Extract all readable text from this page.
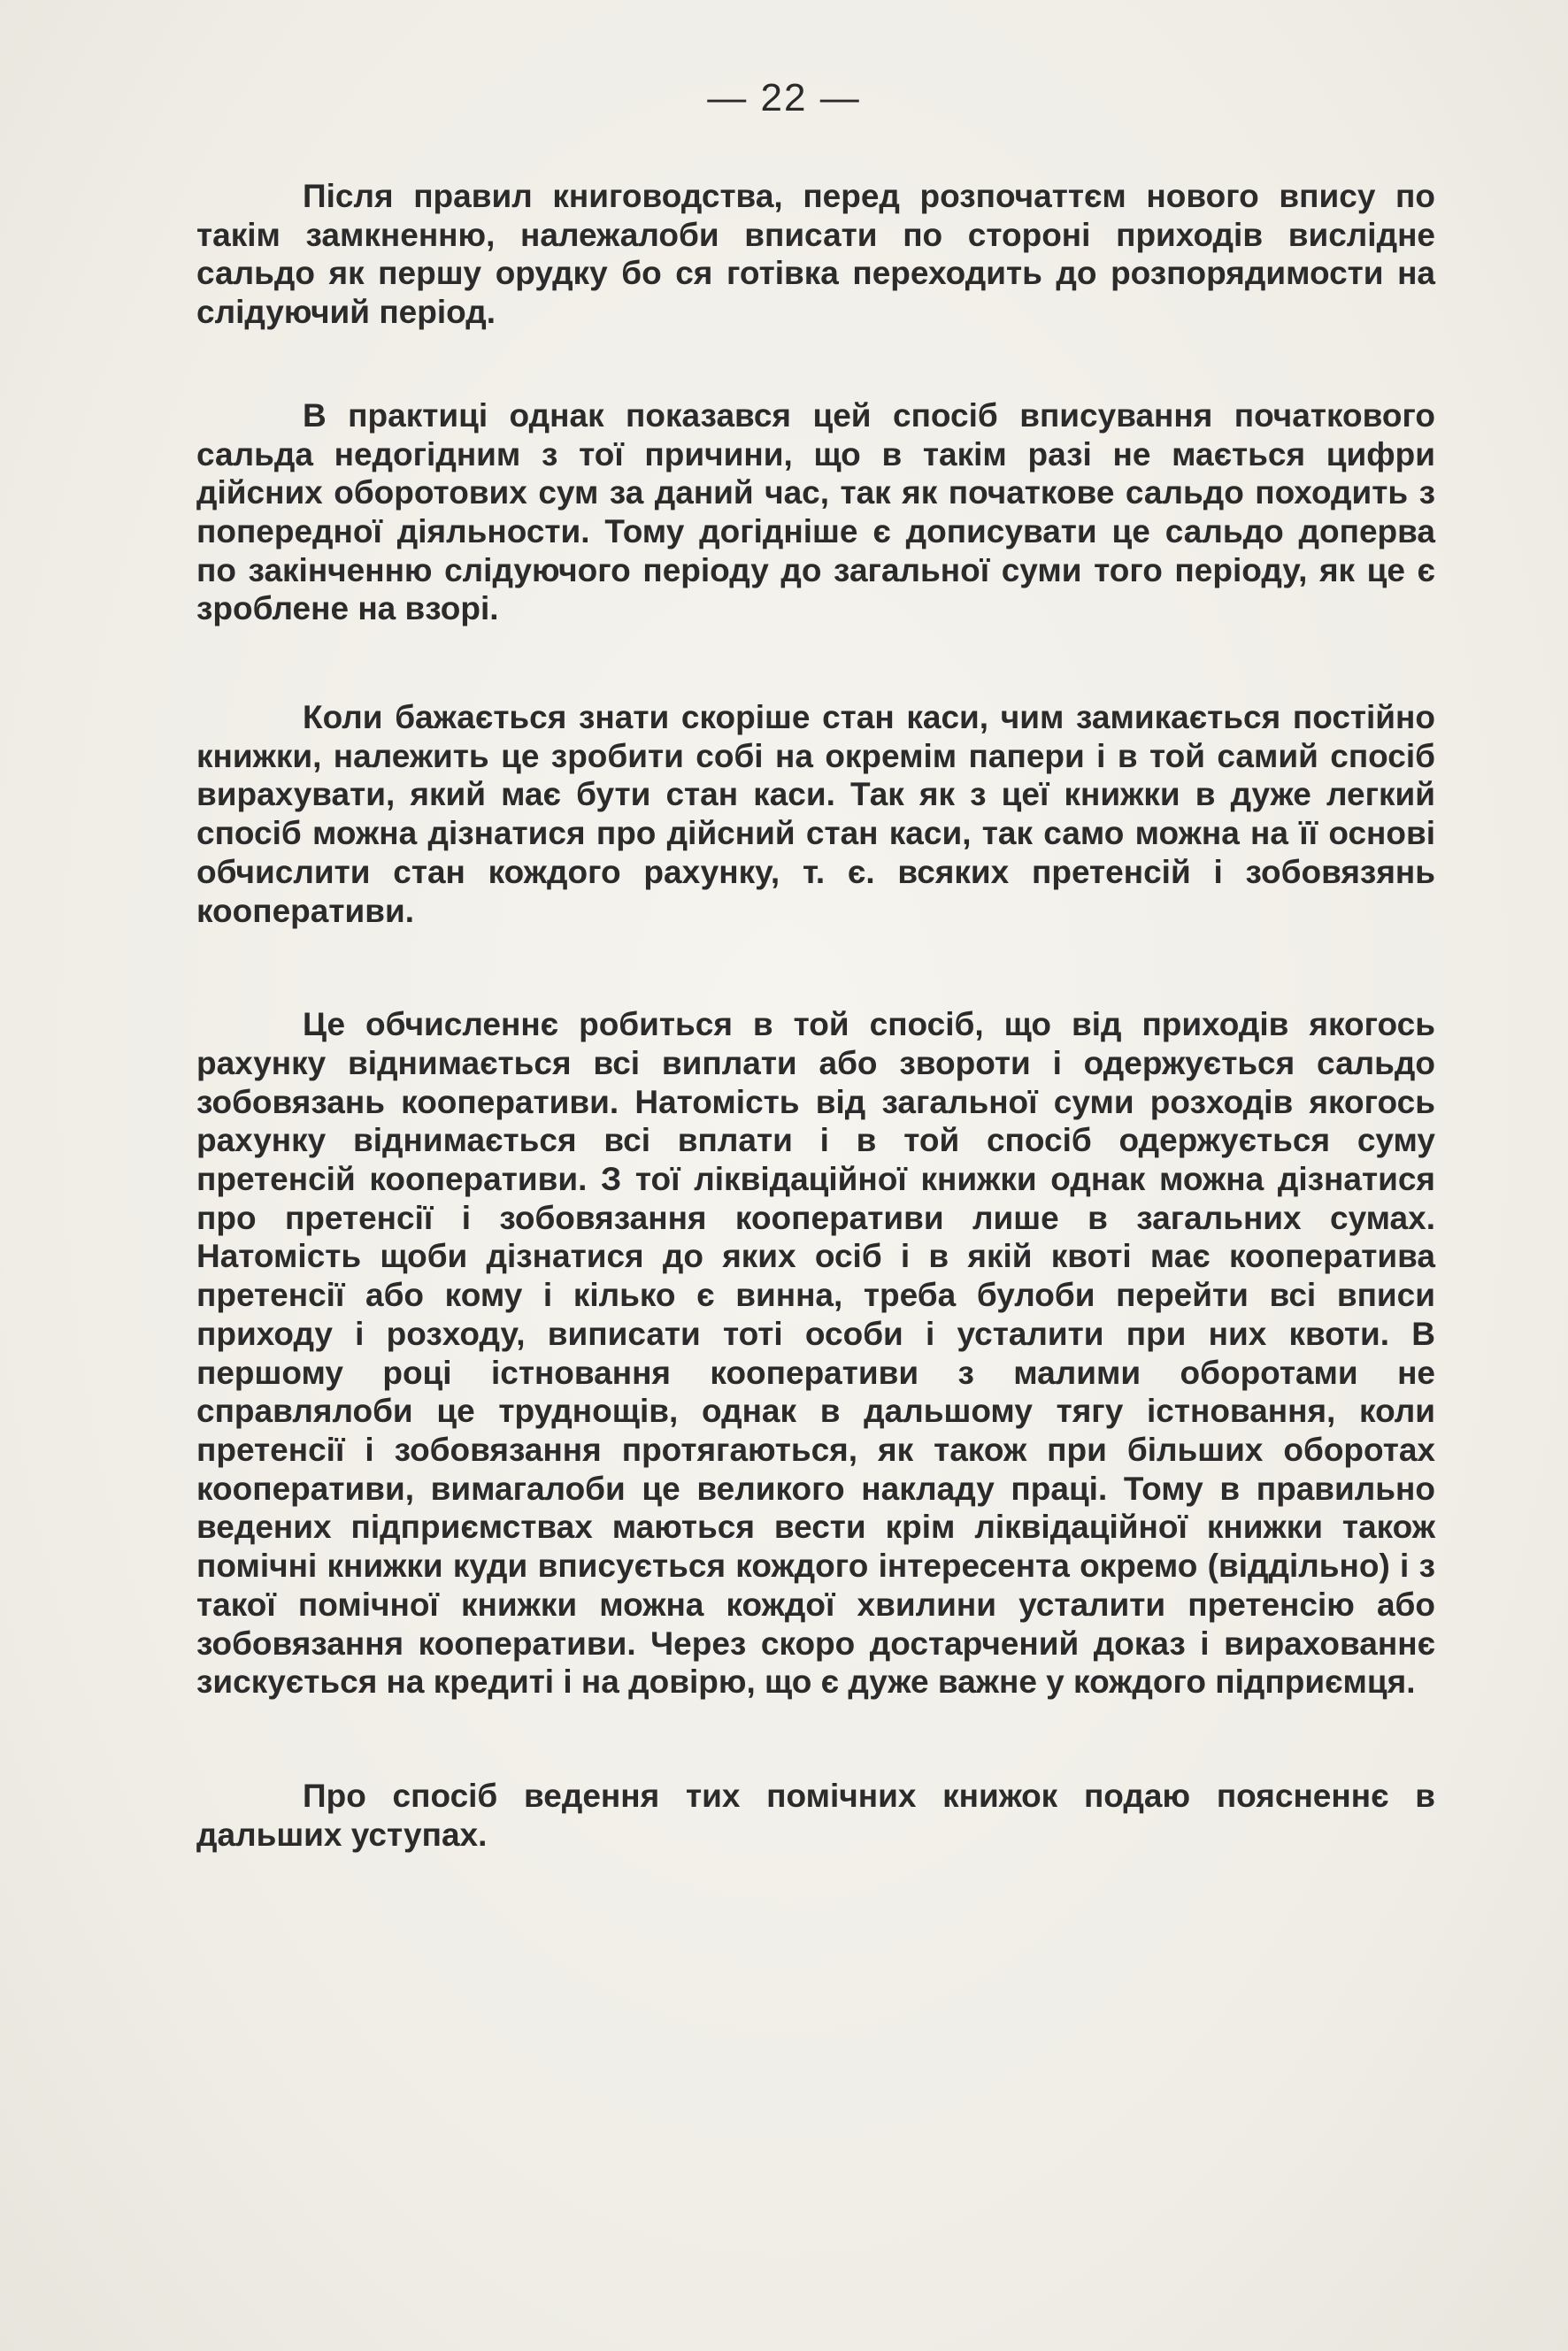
— 22 —

Після правил книговодства, перед розпочаттєм нового впису по такім замкненню, належалоби вписати по стороні приходів вислідне сальдо як першу орудку бо ся готівка переходить до розпорядимости на слідуючий період.

В практиці однак показався цей спосіб вписування початкового сальда недогідним з тої причини, що в такім разі не мається цифри дійсних оборотових сум за даний час, так як початкове сальдо походить з попередної діяльности. Тому догідніше є дописувати це сальдо доперва по закінченню слідуючого періоду до загальної суми того періоду, як це є зроблене на взорі.

Коли бажається знати скоріше стан каси, чим замикається постійно книжки, належить це зробити собі на окремім папери і в той самий спосіб вирахувати, який має бути стан каси. Так як з цеї книжки в дуже легкий спосіб можна дізнатися про дійсний стан каси, так само можна на її основі обчислити стан кождого рахунку, т. є. всяких претенсій і зобовязянь кооперативи.

Це обчисленнє робиться в той спосіб, що від приходів якогось рахунку віднимається всі виплати або звороти і одержується сальдо зобовязань кооперативи. Натомість від загальної суми розходів якогось рахунку віднимається всі вплати і в той спосіб одержується суму претенсій кооперативи. З тої ліквідаційної книжки однак можна дізнатися про претенсії і зобовязання кооперативи лише в загальних сумах. Натомість щоби дізнатися до яких осіб і в якій квоті має кооператива претенсії або кому і кілько є винна, треба булоби перейти всі вписи приходу і розходу, виписати тоті особи і усталити при них квоти. В першому році істновання кооперативи з малими оборотами не справлялоби це труднощів, однак в дальшому тягу істновання, коли претенсії і зобовязання протягаються, як також при більших оборотах кооперативи, вимагалоби це великого накладу праці. Тому в правильно ведених підприємствах маються вести крім ліквідаційної книжки також помічні книжки куди вписується кождого інтересента окремо (віддільно) і з такої помічної книжки можна кождої хвилини усталити претенсію або зобовязання кооперативи. Через скоро достарчений доказ і вирахованнє зискується на кредиті і на довірю, що є дуже важне у кождого підприємця.

Про спосіб ведення тих помічних книжок подаю поясненнє в дальших уступах.
